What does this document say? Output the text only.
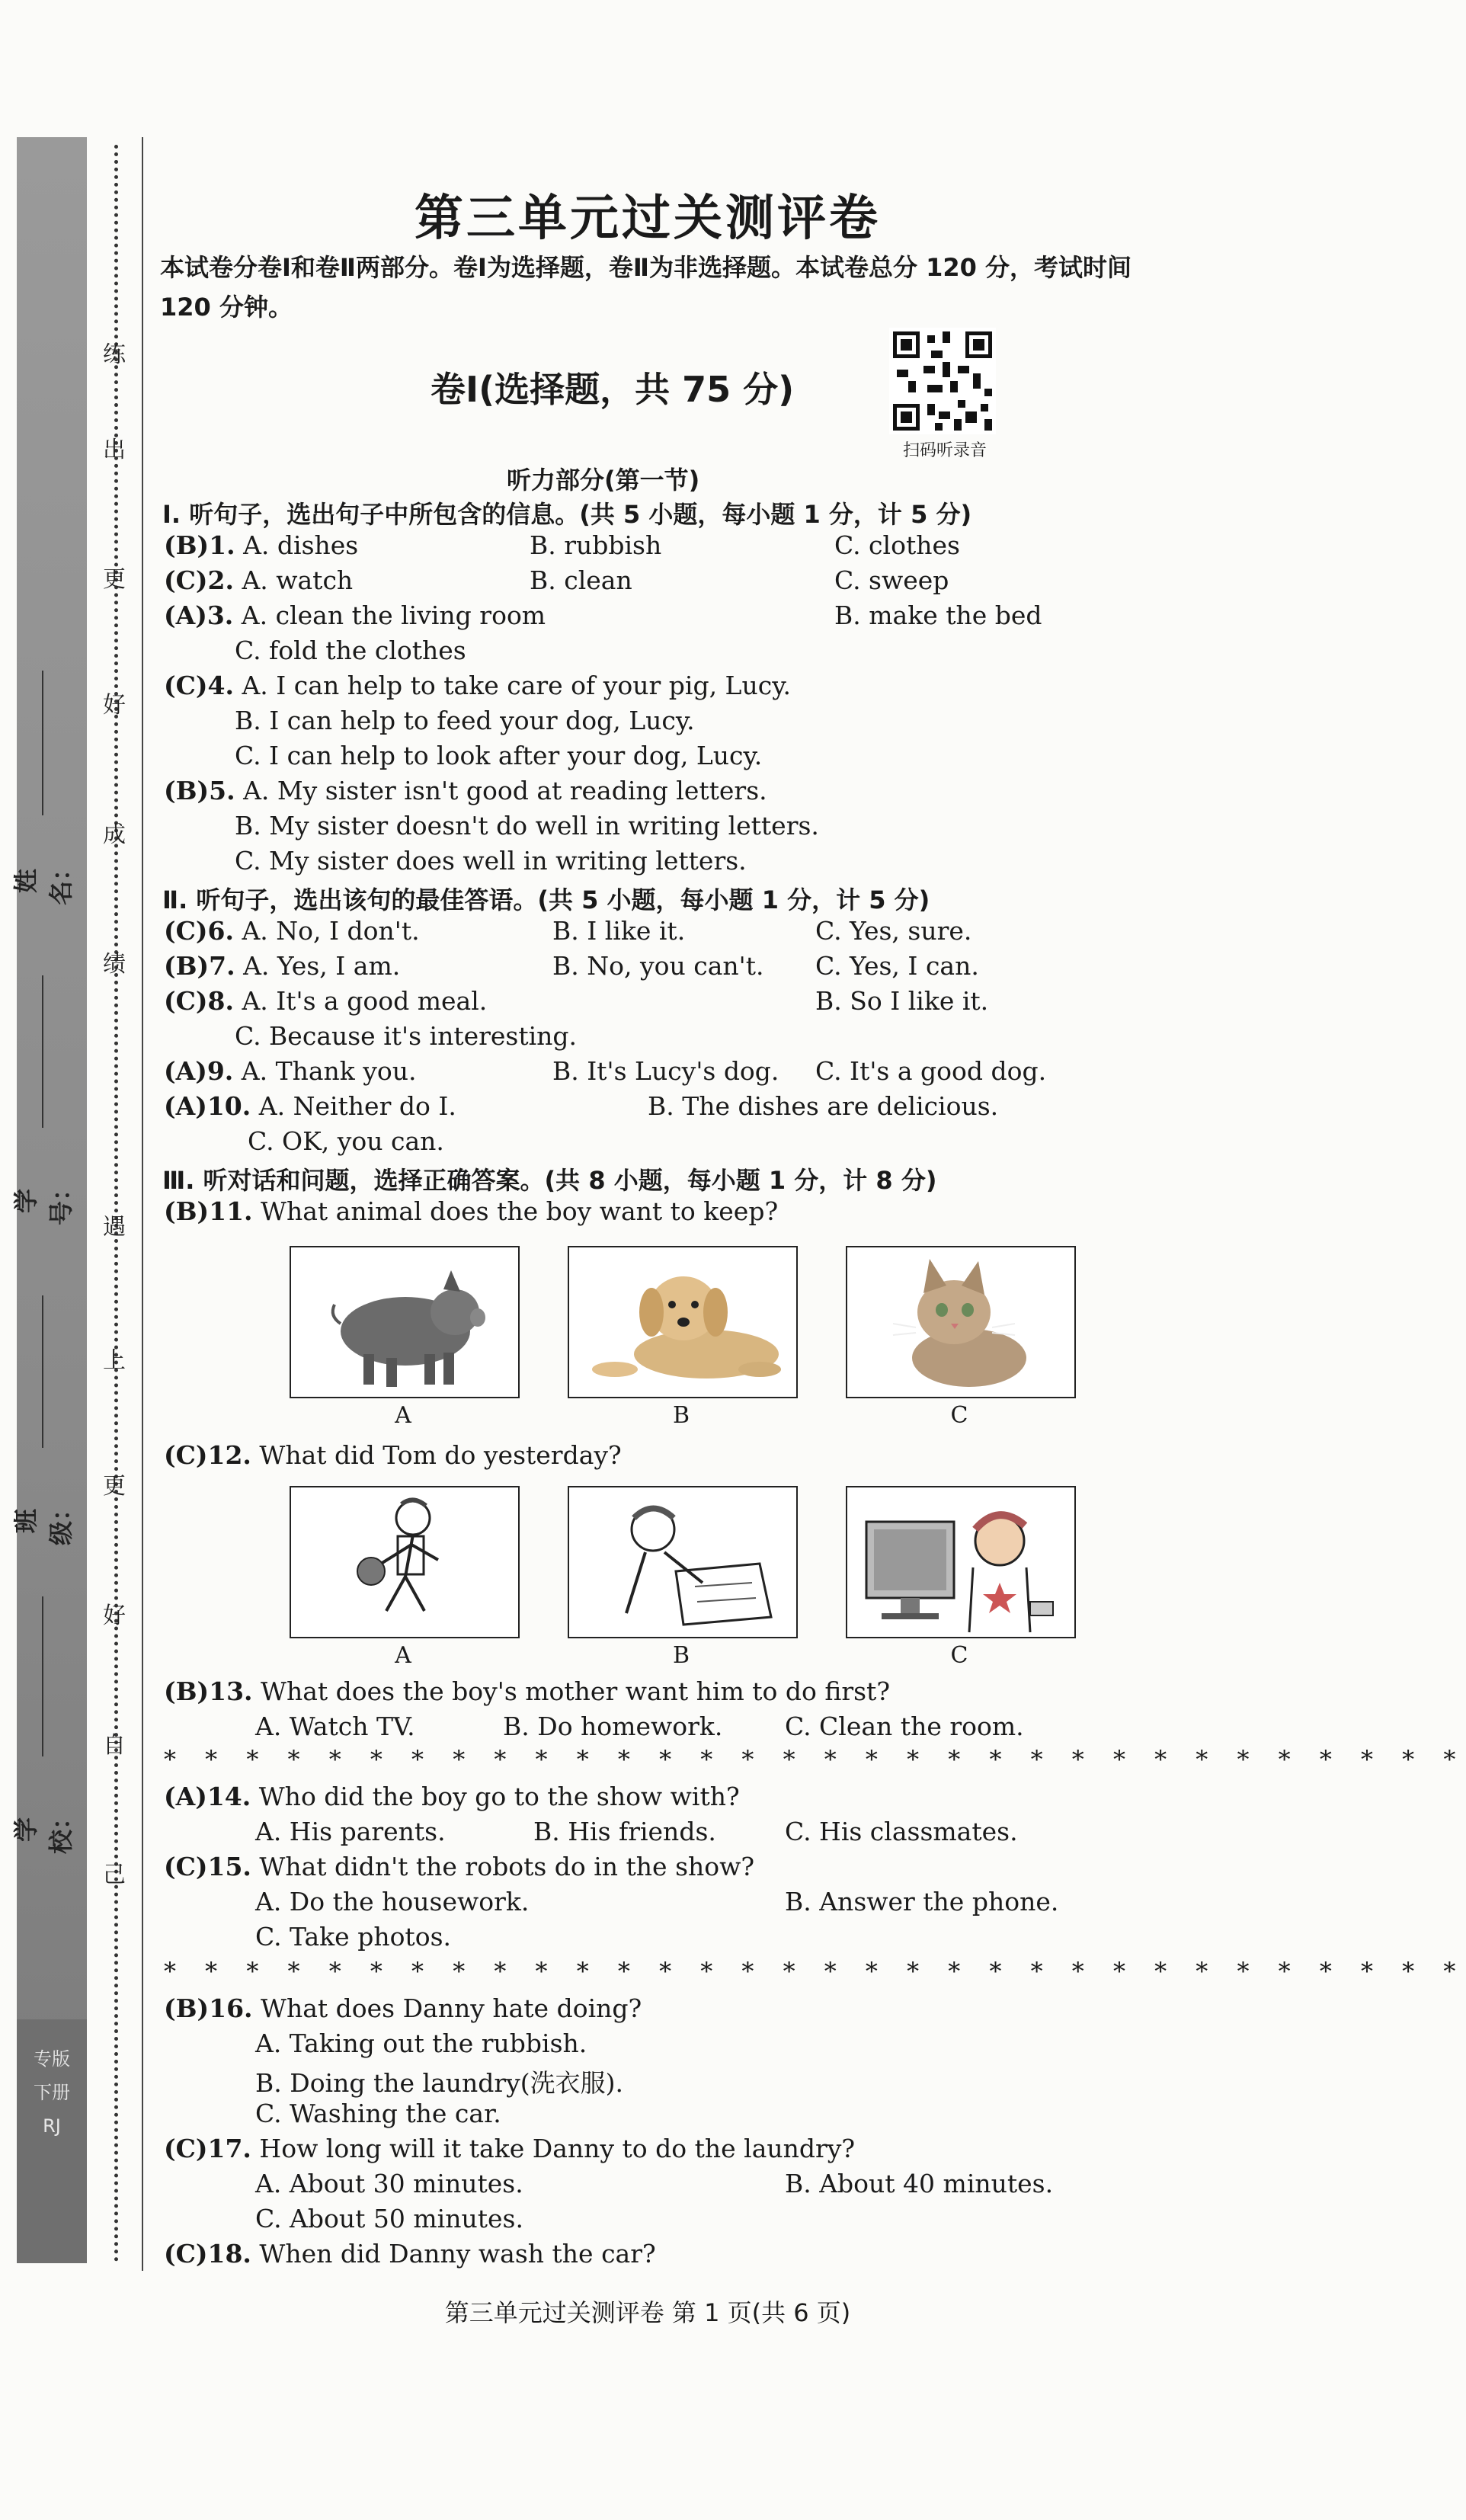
专版
下册
RJ
练
出
更
好
成
绩
遇
上
更
好
自
己
姓名：
学号：
班级：
学校：
第三单元过关测评卷
本试卷分卷Ⅰ和卷Ⅱ两部分。卷Ⅰ为选择题，卷Ⅱ为非选择题。本试卷总分 120 分，考试时间 120 分钟。
卷Ⅰ(选择题，共 75 分)
扫码听录音
听力部分(第一节)
Ⅰ. 听句子，选出句子中所包含的信息。(共 5 小题，每小题 1 分，计 5 分)
(B)1. A. dishes	B. rubbish	C. clothes
(C)2. A. watch	B. clean	C. sweep
(A)3. A. clean the living room	B. make the bed
C. fold the clothes
(C)4. A. I can help to take care of your pig, Lucy.
B. I can help to feed your dog, Lucy.
C. I can help to look after your dog, Lucy.
(B)5. A. My sister isn't good at reading letters.
B. My sister doesn't do well in writing letters.
C. My sister does well in writing letters.
Ⅱ. 听句子，选出该句的最佳答语。(共 5 小题，每小题 1 分，计 5 分)
(C)6. A. No, I don't.	B. I like it.	C. Yes, sure.
(B)7. A. Yes, I am.	B. No, you can't. C. Yes, I can.
(C)8. A. It's a good meal.	B. So I like it.
C. Because it's interesting.
(A)9. A. Thank you.	B. It's Lucy's dog. C. It's a good dog.
(A)10. A. Neither do I.	B. The dishes are delicious.
C. OK, you can.
Ⅲ. 听对话和问题，选择正确答案。(共 8 小题，每小题 1 分，计 8 分)
(B)11. What animal does the boy want to keep?
A	B	C
(C)12. What did Tom do yesterday?
A	B	C
(B)13. What does the boy's mother want him to do first?
A. Watch TV.	B. Do homework. C. Clean the room.
* * * * * * * * * * * * * * * * * * * * * * * * * * * * * * * *
(A)14. Who did the boy go to the show with?
A. His parents.	B. His friends.	C. His classmates.
(C)15. What didn't the robots do in the show?
A. Do the housework.	B. Answer the phone.
C. Take photos.
* * * * * * * * * * * * * * * * * * * * * * * * * * * * * * * *
(B)16. What does Danny hate doing?
A. Taking out the rubbish.
B. Doing the laundry(洗衣服).
C. Washing the car.
(C)17. How long will it take Danny to do the laundry?
A. About 30 minutes.	B. About 40 minutes.
C. About 50 minutes.
(C)18. When did Danny wash the car?
第三单元过关测评卷 第 1 页(共 6 页)
